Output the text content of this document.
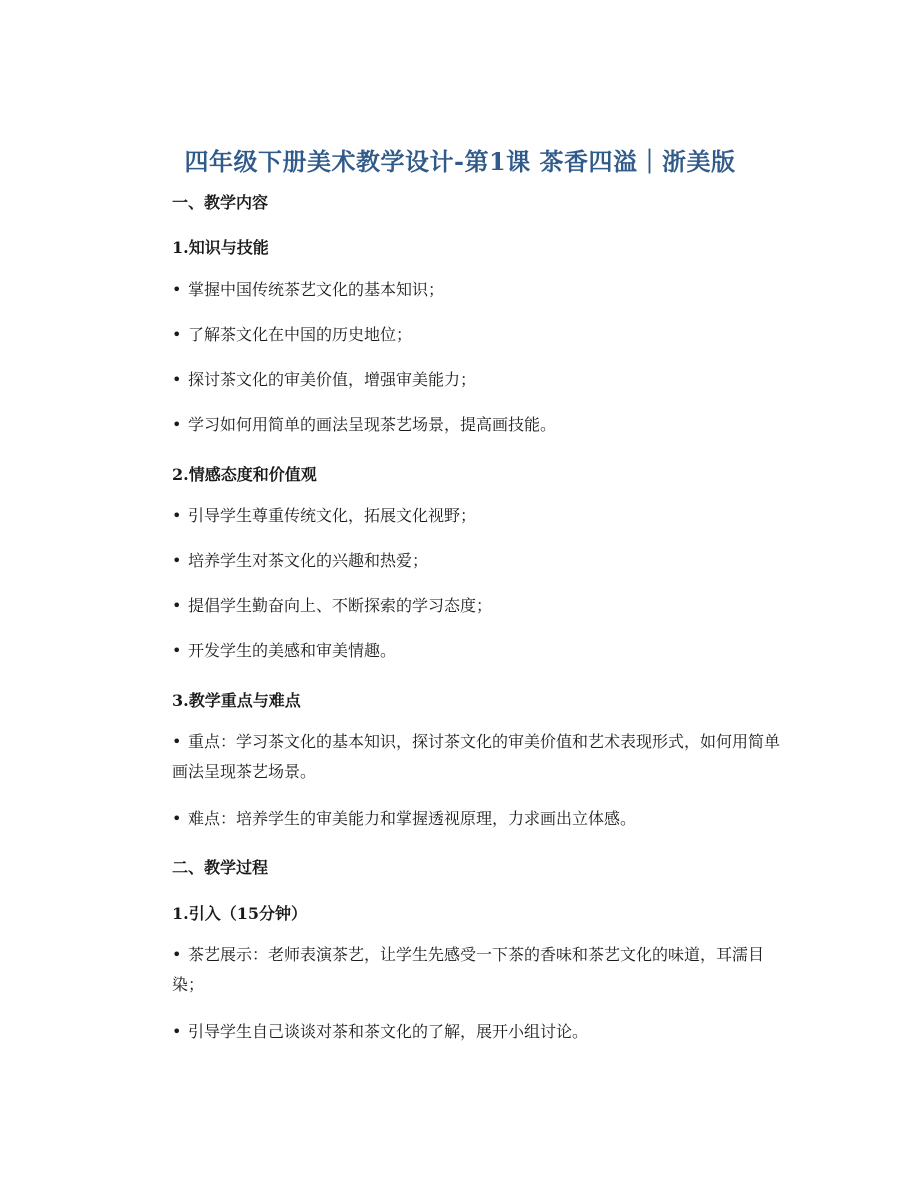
四年级下册美术教学设计-第1课 茶香四溢｜浙美版
一、教学内容
1.知识与技能
• 掌握中国传统茶艺文化的基本知识；
• 了解茶文化在中国的历史地位；
• 探讨茶文化的审美价值，增强审美能力；
• 学习如何用简单的画法呈现茶艺场景，提高画技能。
2.情感态度和价值观
• 引导学生尊重传统文化，拓展文化视野；
• 培养学生对茶文化的兴趣和热爱；
• 提倡学生勤奋向上、不断探索的学习态度；
• 开发学生的美感和审美情趣。
3.教学重点与难点
• 重点：学习茶文化的基本知识，探讨茶文化的审美价值和艺术表现形式，如何用简单画法呈现茶艺场景。
• 难点：培养学生的审美能力和掌握透视原理，力求画出立体感。
二、教学过程
1.引入（15分钟）
• 茶艺展示：老师表演茶艺，让学生先感受一下茶的香味和茶艺文化的味道，耳濡目染；
• 引导学生自己谈谈对茶和茶文化的了解，展开小组讨论。
